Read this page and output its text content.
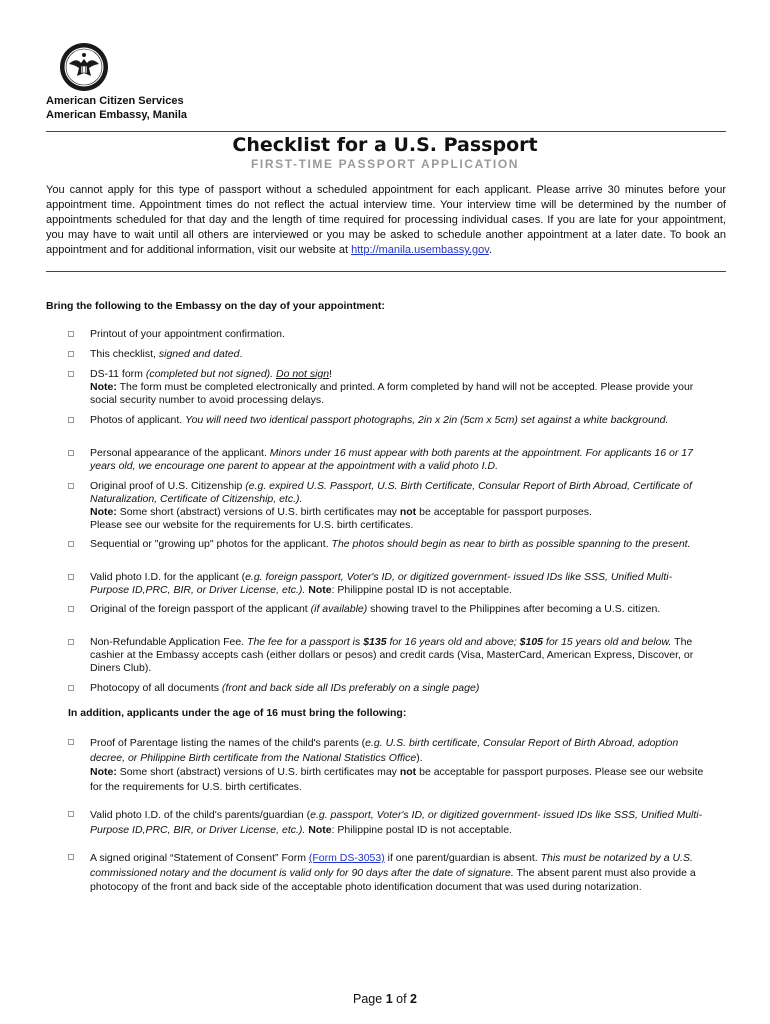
American Citizen Services
American Embassy, Manila
Checklist for a U.S. Passport
FIRST-TIME PASSPORT APPLICATION
You cannot apply for this type of passport without a scheduled appointment for each applicant. Please arrive 30 minutes before your appointment time. Appointment times do not reflect the actual interview time. Your interview time will be determined by the number of appointments scheduled for that day and the length of time required for processing individual cases. If you are late for your appointment, you may have to wait until all others are interviewed or you may be asked to schedule another appointment at a later date. To book an appointment and for additional information, visit our website at http://manila.usembassy.gov.
Bring the following to the Embassy on the day of your appointment:
Printout of your appointment confirmation.
This checklist, signed and dated.
DS-11 form (completed but not signed). Do not sign!
Note: The form must be completed electronically and printed. A form completed by hand will not be accepted. Please provide your social security number to avoid processing delays.
Photos of applicant. You will need two identical passport photographs, 2in x 2in (5cm x 5cm) set against a white background.
Personal appearance of the applicant. Minors under 16 must appear with both parents at the appointment. For applicants 16 or 17 years old, we encourage one parent to appear at the appointment with a valid photo I.D.
Original proof of U.S. Citizenship (e.g. expired U.S. Passport, U.S. Birth Certificate, Consular Report of Birth Abroad, Certificate of Naturalization, Certificate of Citizenship, etc.).
Note: Some short (abstract) versions of U.S. birth certificates may not be acceptable for passport purposes.
Please see our website for the requirements for U.S. birth certificates.
Sequential or "growing up" photos for the applicant. The photos should begin as near to birth as possible spanning to the present.
Valid photo I.D. for the applicant (e.g. foreign passport, Voter's ID, or digitized government- issued IDs like SSS, Unified Multi-Purpose ID,PRC, BIR, or Driver License, etc.). Note: Philippine postal ID is not acceptable.
Original of the foreign passport of the applicant (if available) showing travel to the Philippines after becoming a U.S. citizen.
Non-Refundable Application Fee. The fee for a passport is $135 for 16 years old and above; $105 for 15 years old and below. The cashier at the Embassy accepts cash (either dollars or pesos) and credit cards (Visa, MasterCard, American Express, Discover, or Diners Club).
Photocopy of all documents (front and back side all IDs preferably on a single page)
In addition, applicants under the age of 16 must bring the following:
Proof of Parentage listing the names of the child's parents (e.g. U.S. birth certificate, Consular Report of Birth Abroad, adoption decree, or Philippine Birth certificate from the National Statistics Office).
Note: Some short (abstract) versions of U.S. birth certificates may not be acceptable for passport purposes. Please see our website for the requirements for U.S. birth certificates.
Valid photo I.D. of the child's parents/guardian (e.g. passport, Voter's ID, or digitized government- issued IDs like SSS, Unified Multi-Purpose ID,PRC, BIR, or Driver License, etc.). Note: Philippine postal ID is not acceptable.
A signed original “Statement of Consent” Form (Form DS-3053) if one parent/guardian is absent. This must be notarized by a U.S. commissioned notary and the document is valid only for 90 days after the date of signature. The absent parent must also provide a photocopy of the front and back side of the acceptable photo identification document that was used during notarization.
Page 1 of 2
